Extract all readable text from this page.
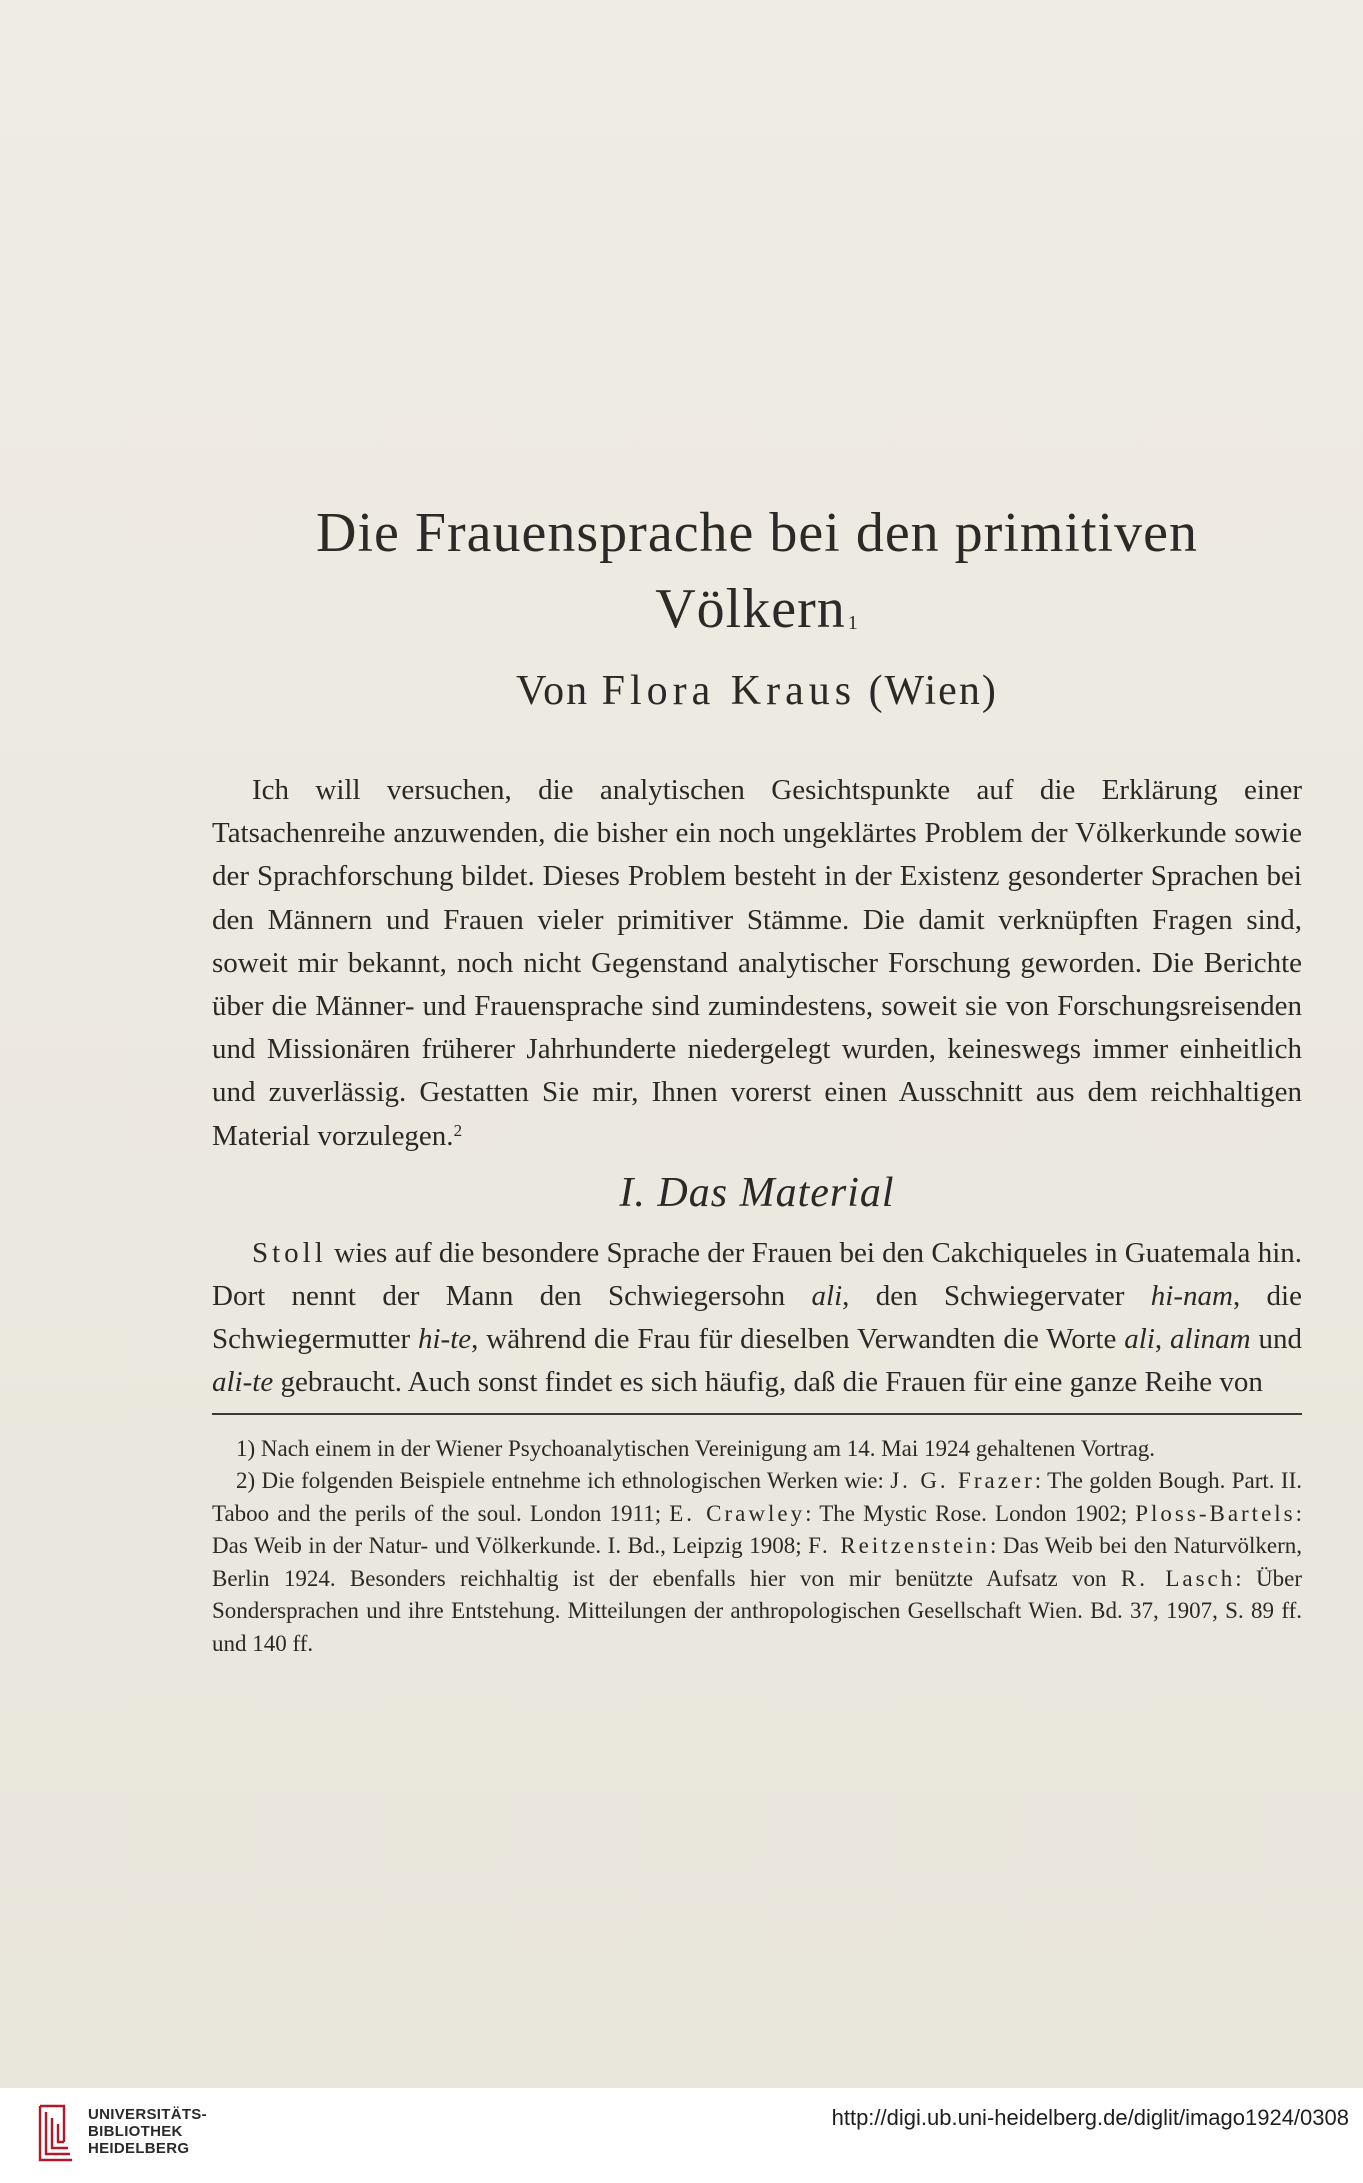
Die Frauensprache bei den primitiven Völkern $^1$
Von Flora Kraus (Wien)

Ich will versuchen, die analytischen Gesichtspunkte auf die Erklärung einer Tatsachenreihe anzuwenden, die bisher ein noch ungeklärtes Problem der Völkerkunde sowie der Sprachforschung bildet. Dieses Problem besteht in der Existenz gesonderter Sprachen bei den Männern und Frauen vieler primitiver Stämme. Die damit verknüpften Fragen sind, soweit mir bekannt, noch nicht Gegenstand analytischer Forschung geworden. Die Berichte über die Männer- und Frauensprache sind zumindestens, soweit sie von Forschungsreisenden und Missionären früherer Jahrhunderte niedergelegt wurden, keineswegs immer einheitlich und zuverlässig. Gestatten Sie mir, Ihnen vorerst einen Ausschnitt aus dem reichhaltigen Material vorzulegen.$^2$

I. Das Material

Stoll wies auf die besondere Sprache der Frauen bei den Cakchiqueles in Guatemala hin. Dort nennt der Mann den Schwiegersohn ali, den Schwiegervater hi-nam, die Schwiegermutter hi-te, während die Frau für dieselben Verwandten die Worte ali, alinam und ali-te gebraucht. Auch sonst findet es sich häufig, daß die Frauen für eine ganze Reihe von

1) Nach einem in der Wiener Psychoanalytischen Vereinigung am 14. Mai 1924 gehaltenen Vortrag.

2) Die folgenden Beispiele entnehme ich ethnologischen Werken wie: J. G. Frazer: The golden Bough. Part. II. Taboo and the perils of the soul. London 1911; E. Crawley: The Mystic Rose. London 1902; Ploss-Bartels: Das Weib in der Natur- und Völkerkunde. I. Bd., Leipzig 1908; F. Reitzenstein: Das Weib bei den Naturvölkern, Berlin 1924. Besonders reichhaltig ist der ebenfalls hier von mir benützte Aufsatz von R. Lasch: Über Sondersprachen und ihre Entstehung. Mitteilungen der anthropologischen Gesellschaft Wien. Bd. 37, 1907, S. 89 ff. und 140 ff.

UNIVERSITÄTS-
BIBLIOTHEK
HEIDELBERG
http://digi.ub.uni-heidelberg.de/diglit/imago1924/0308
